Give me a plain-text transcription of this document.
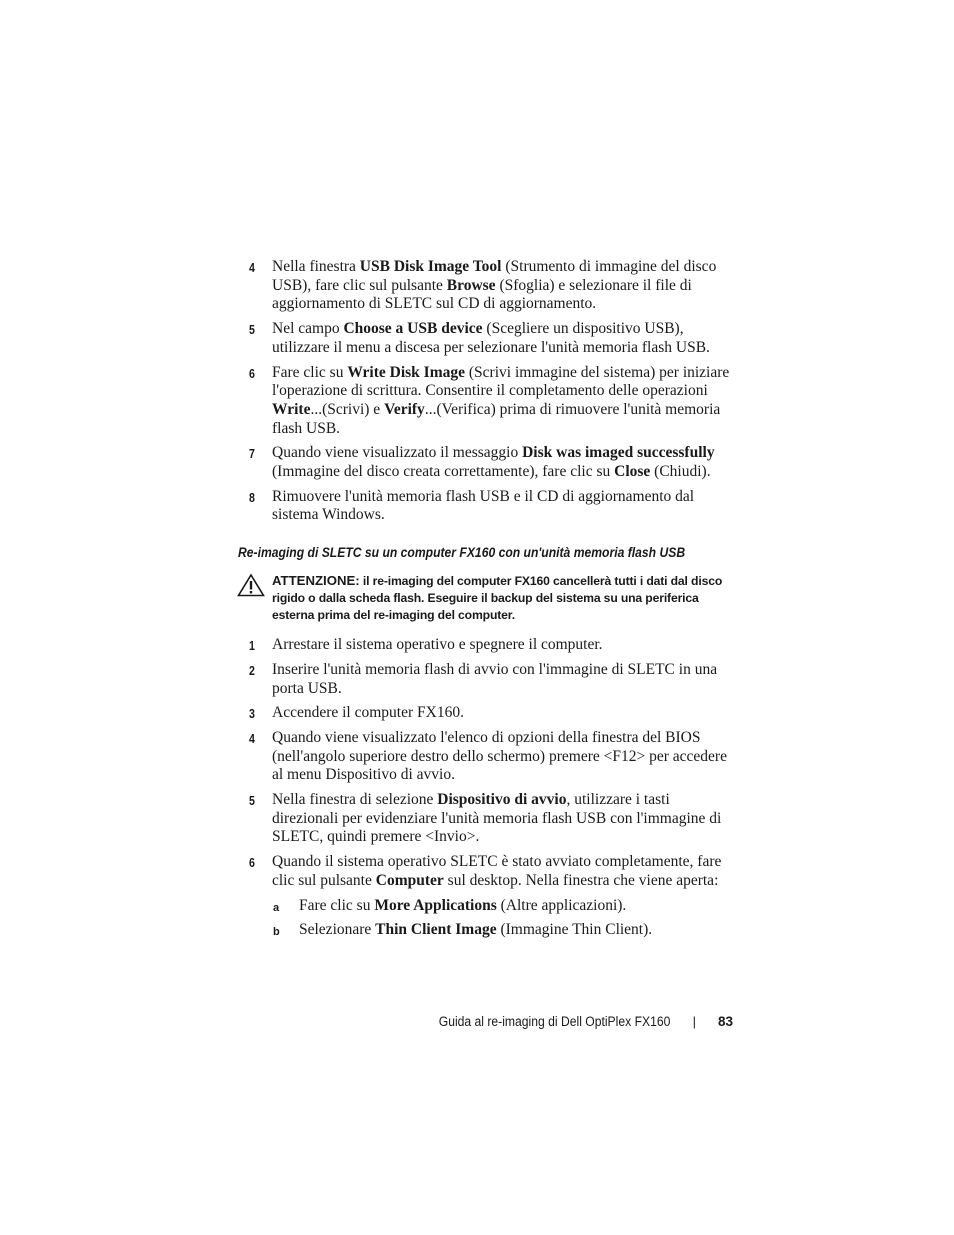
4 Nella finestra USB Disk Image Tool (Strumento di immagine del disco USB), fare clic sul pulsante Browse (Sfoglia) e selezionare il file di aggiornamento di SLETC sul CD di aggiornamento.
5 Nel campo Choose a USB device (Scegliere un dispositivo USB), utilizzare il menu a discesa per selezionare l'unità memoria flash USB.
6 Fare clic su Write Disk Image (Scrivi immagine del sistema) per iniziare l'operazione di scrittura. Consentire il completamento delle operazioni Write...(Scrivi) e Verify...(Verifica) prima di rimuovere l'unità memoria flash USB.
7 Quando viene visualizzato il messaggio Disk was imaged successfully (Immagine del disco creata correttamente), fare clic su Close (Chiudi).
8 Rimuovere l'unità memoria flash USB e il CD di aggiornamento dal sistema Windows.
Re-imaging di SLETC su un computer FX160 con un'unità memoria flash USB
ATTENZIONE: il re-imaging del computer FX160 cancellerà tutti i dati dal disco rigido o dalla scheda flash. Eseguire il backup del sistema su una periferica esterna prima del re-imaging del computer.
1 Arrestare il sistema operativo e spegnere il computer.
2 Inserire l'unità memoria flash di avvio con l'immagine di SLETC in una porta USB.
3 Accendere il computer FX160.
4 Quando viene visualizzato l'elenco di opzioni della finestra del BIOS (nell'angolo superiore destro dello schermo) premere <F12> per accedere al menu Dispositivo di avvio.
5 Nella finestra di selezione Dispositivo di avvio, utilizzare i tasti direzionali per evidenziare l'unità memoria flash USB con l'immagine di SLETC, quindi premere <Invio>.
6 Quando il sistema operativo SLETC è stato avviato completamente, fare clic sul pulsante Computer sul desktop. Nella finestra che viene aperta:
a Fare clic su More Applications (Altre applicazioni).
b Selezionare Thin Client Image (Immagine Thin Client).
Guida al re-imaging di Dell OptiPlex FX160 | 83
